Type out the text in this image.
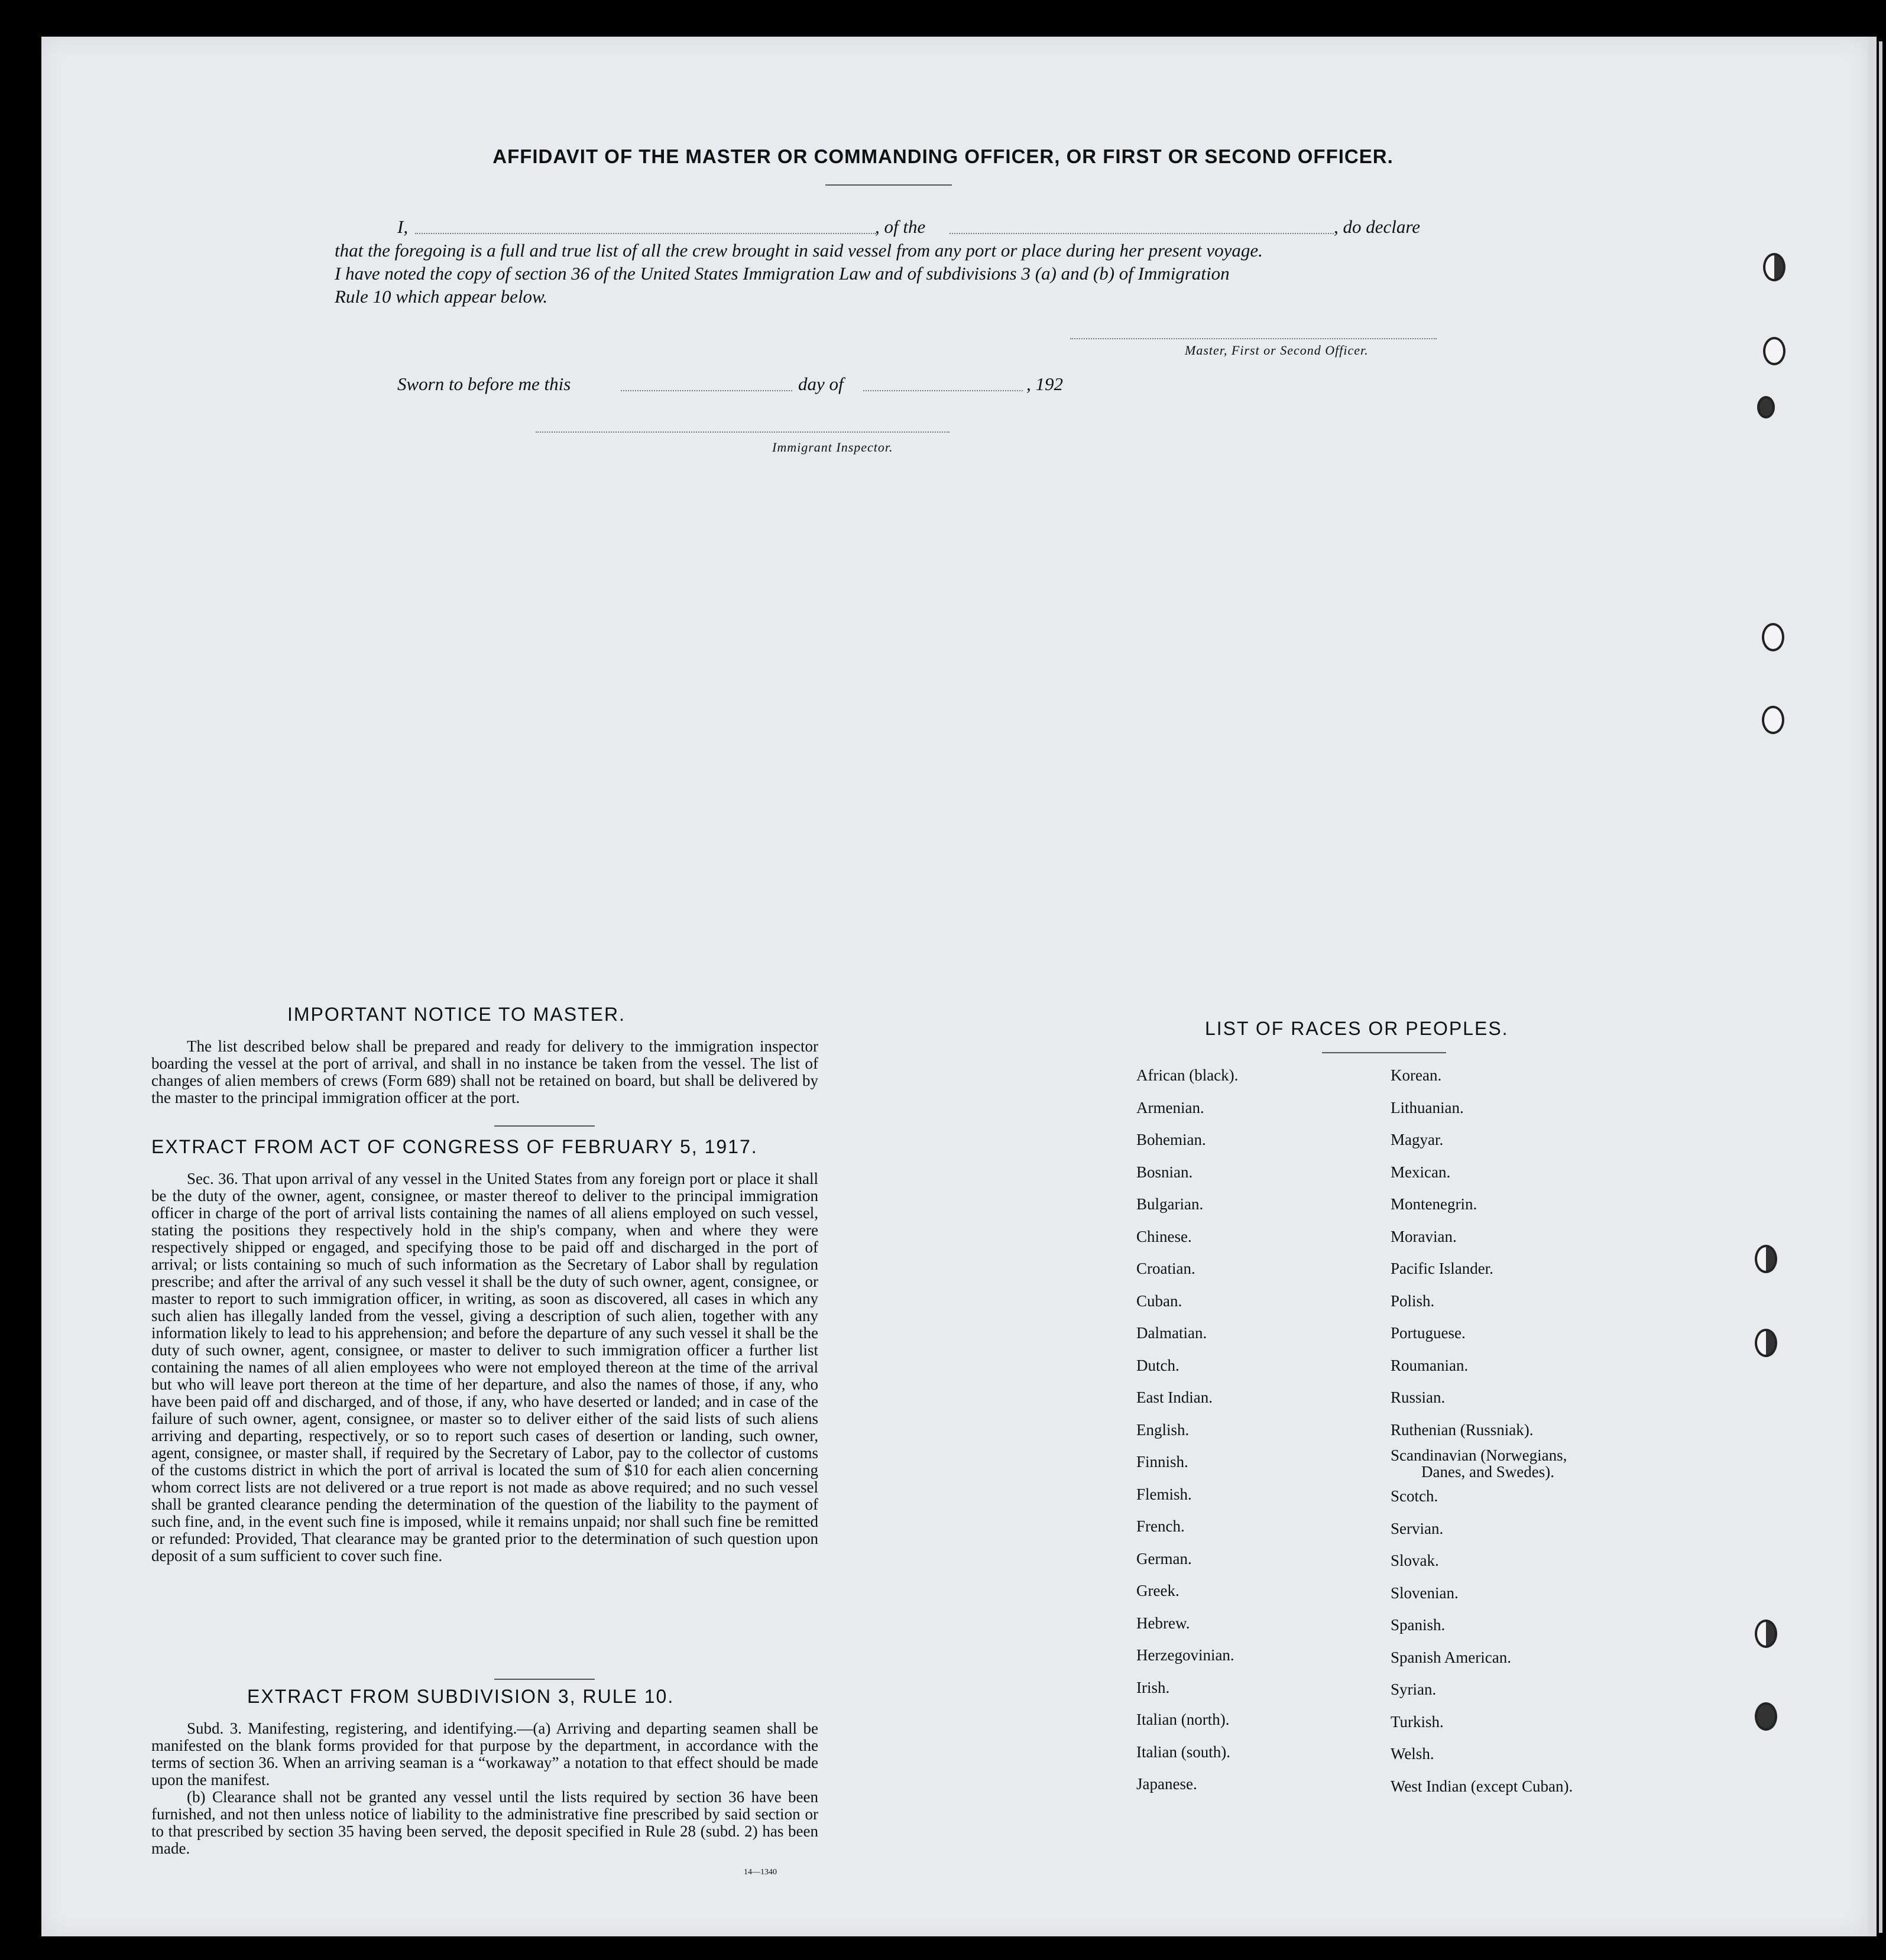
AFFIDAVIT OF THE MASTER OR COMMANDING OFFICER, OR FIRST OR SECOND OFFICER.
I,	, of the	, do declare
that the foregoing is a full and true list of all the crew brought in said vessel from any port or place during her present voyage.
I have noted the copy of section 36 of the United States Immigration Law and of subdivisions 3 (a) and (b) of Immigration
Rule 10 which appear below.
Master, First or Second Officer.
Sworn to before me this	day of	, 192
Immigrant Inspector.
IMPORTANT NOTICE TO MASTER.

The list described below shall be prepared and ready for delivery to the immigration inspector boarding the vessel at the port of arrival, and shall in no instance be taken from the vessel. The list of changes of alien members of crews (Form 689) shall not be retained on board, but shall be delivered by the master to the principal immigration officer at the port.

EXTRACT FROM ACT OF CONGRESS OF FEBRUARY 5, 1917.

Sec. 36. That upon arrival of any vessel in the United States from any foreign port or place it shall be the duty of the owner, agent, consignee, or master thereof to deliver to the principal immigration officer in charge of the port of arrival lists containing the names of all aliens employed on such vessel, stating the positions they respectively hold in the ship's company, when and where they were respectively shipped or engaged, and specifying those to be paid off and discharged in the port of arrival; or lists containing so much of such information as the Secretary of Labor shall by regulation prescribe; and after the arrival of any such vessel it shall be the duty of such owner, agent, consignee, or master to report to such immigration officer, in writing, as soon as discovered, all cases in which any such alien has illegally landed from the vessel, giving a description of such alien, together with any information likely to lead to his apprehension; and before the departure of any such vessel it shall be the duty of such owner, agent, consignee, or master to deliver to such immigration officer a further list containing the names of all alien employees who were not employed thereon at the time of the arrival but who will leave port thereon at the time of her departure, and also the names of those, if any, who have been paid off and discharged, and of those, if any, who have deserted or landed; and in case of the failure of such owner, agent, consignee, or master so to deliver either of the said lists of such aliens arriving and departing, respectively, or so to report such cases of desertion or landing, such owner, agent, consignee, or master shall, if required by the Secretary of Labor, pay to the collector of customs of the customs district in which the port of arrival is located the sum of $10 for each alien concerning whom correct lists are not delivered or a true report is not made as above required; and no such vessel shall be granted clearance pending the determination of the question of the liability to the payment of such fine, and, in the event such fine is imposed, while it remains unpaid; nor shall such fine be remitted or refunded: Provided, That clearance may be granted prior to the determination of such question upon deposit of a sum sufficient to cover such fine.

EXTRACT FROM SUBDIVISION 3, RULE 10.

Subd. 3. Manifesting, registering, and identifying.—(a) Arriving and departing seamen shall be manifested on the blank forms provided for that purpose by the department, in accordance with the terms of section 36. When an arriving seaman is a “workaway” a notation to that effect should be made upon the manifest.

(b) Clearance shall not be granted any vessel until the lists required by section 36 have been furnished, and not then unless notice of liability to the administrative fine prescribed by said section or to that prescribed by section 35 having been served, the deposit specified in Rule 28 (subd. 2) has been made.

14—1340
LIST OF RACES OR PEOPLES.
African (black).
Armenian.
Bohemian.
Bosnian.
Bulgarian.
Chinese.
Croatian.
Cuban.
Dalmatian.
Dutch.
East Indian.
English.
Finnish.
Flemish.
French.
German.
Greek.
Hebrew.
Herzegovinian.
Irish.
Italian (north).
Italian (south).
Japanese.
Korean.
Lithuanian.
Magyar.
Mexican.
Montenegrin.
Moravian.
Pacific Islander.
Polish.
Portuguese.
Roumanian.
Russian.
Ruthenian (Russniak).
Scandinavian (Norwegians,
Danes, and Swedes).
Scotch.
Servian.
Slovak.
Slovenian.
Spanish.
Spanish American.
Syrian.
Turkish.
Welsh.
West Indian (except Cuban).
